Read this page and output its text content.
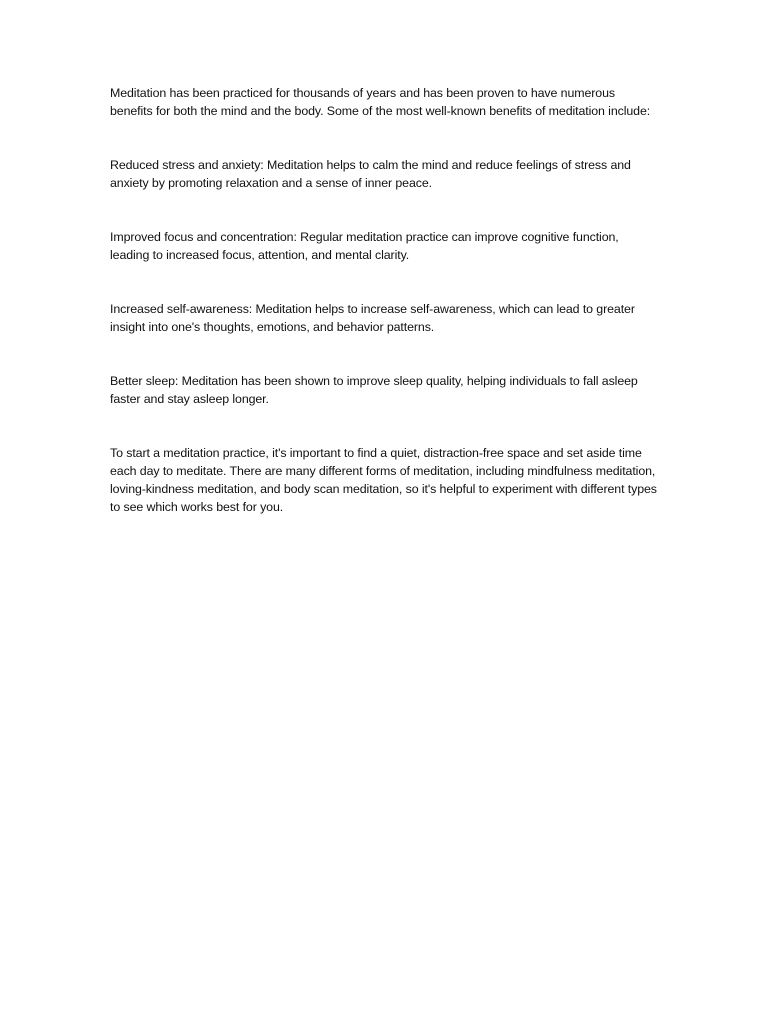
Meditation has been practiced for thousands of years and has been proven to have numerous benefits for both the mind and the body. Some of the most well-known benefits of meditation include:

Reduced stress and anxiety: Meditation helps to calm the mind and reduce feelings of stress and anxiety by promoting relaxation and a sense of inner peace.

Improved focus and concentration: Regular meditation practice can improve cognitive function, leading to increased focus, attention, and mental clarity.

Increased self-awareness: Meditation helps to increase self-awareness, which can lead to greater insight into one's thoughts, emotions, and behavior patterns.

Better sleep: Meditation has been shown to improve sleep quality, helping individuals to fall asleep faster and stay asleep longer.

To start a meditation practice, it's important to find a quiet, distraction-free space and set aside time each day to meditate. There are many different forms of meditation, including mindfulness meditation, loving-kindness meditation, and body scan meditation, so it's helpful to experiment with different types to see which works best for you.
